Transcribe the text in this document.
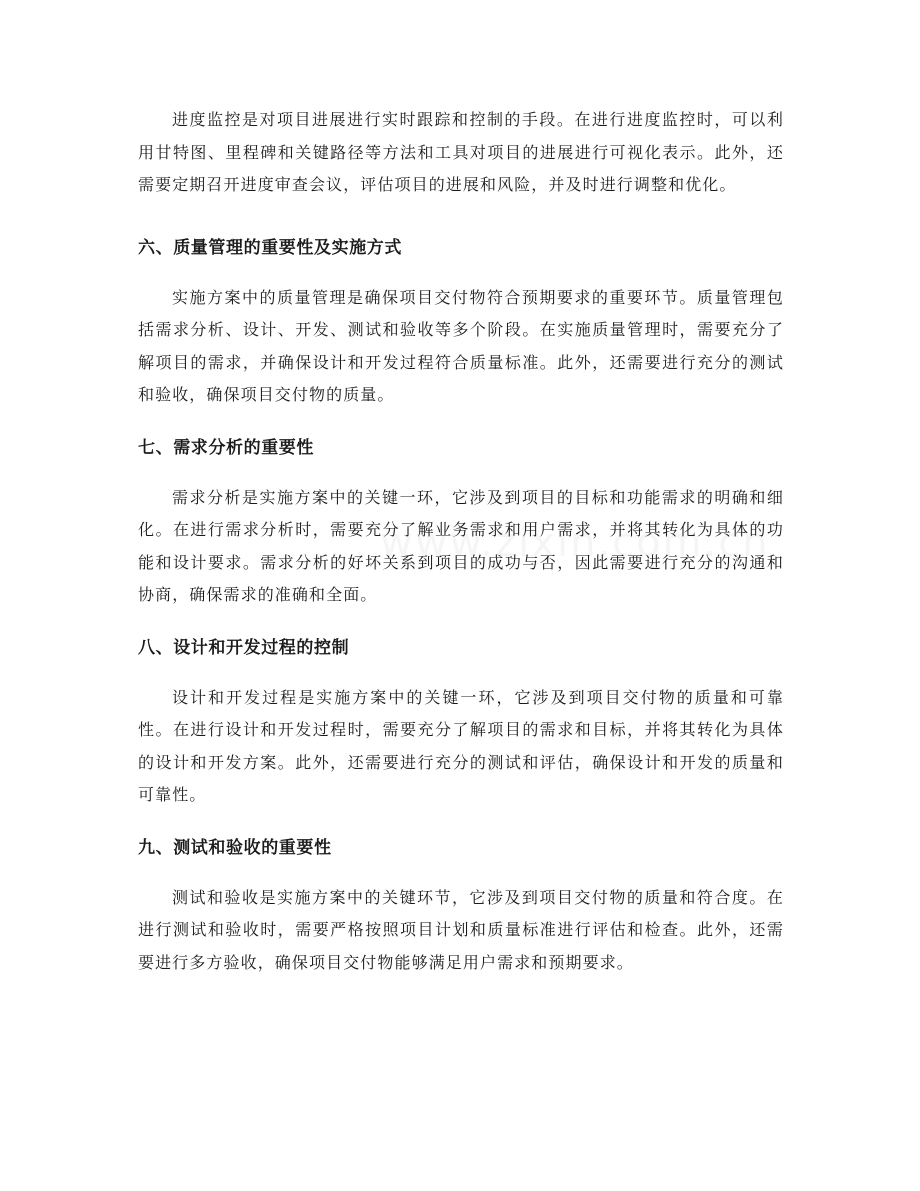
进度监控是对项目进展进行实时跟踪和控制的手段。在进行进度监控时，可以利用甘特图、里程碑和关键路径等方法和工具对项目的进展进行可视化表示。此外，还需要定期召开进度审查会议，评估项目的进展和风险，并及时进行调整和优化。

六、质量管理的重要性及实施方式

实施方案中的质量管理是确保项目交付物符合预期要求的重要环节。质量管理包括需求分析、设计、开发、测试和验收等多个阶段。在实施质量管理时，需要充分了解项目的需求，并确保设计和开发过程符合质量标准。此外，还需要进行充分的测试和验收，确保项目交付物的质量。

七、需求分析的重要性

需求分析是实施方案中的关键一环，它涉及到项目的目标和功能需求的明确和细化。在进行需求分析时，需要充分了解业务需求和用户需求，并将其转化为具体的功能和设计要求。需求分析的好坏关系到项目的成功与否，因此需要进行充分的沟通和协商，确保需求的准确和全面。

八、设计和开发过程的控制

设计和开发过程是实施方案中的关键一环，它涉及到项目交付物的质量和可靠性。在进行设计和开发过程时，需要充分了解项目的需求和目标，并将其转化为具体的设计和开发方案。此外，还需要进行充分的测试和评估，确保设计和开发的质量和可靠性。

九、测试和验收的重要性

测试和验收是实施方案中的关键环节，它涉及到项目交付物的质量和符合度。在进行测试和验收时，需要严格按照项目计划和质量标准进行评估和检查。此外，还需要进行多方验收，确保项目交付物能够满足用户需求和预期要求。
